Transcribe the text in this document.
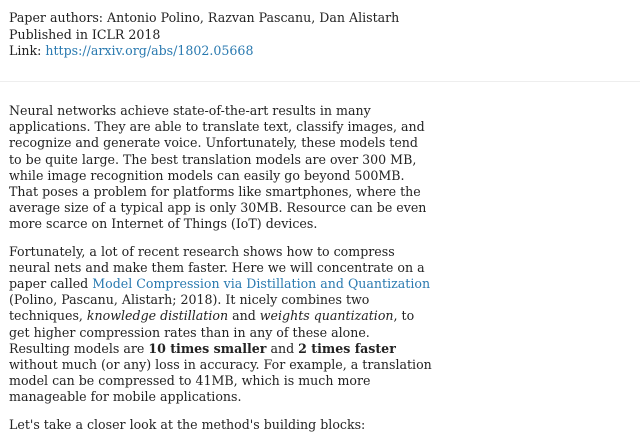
Paper authors: Antonio Polino, Razvan Pascanu, Dan Alistarh
Published in ICLR 2018
Link: https://arxiv.org/abs/1802.05668

Neural networks achieve state-of-the-art results in many applications. They are able to translate text, classify images, and recognize and generate voice. Unfortunately, these models tend to be quite large. The best translation models are over 300 MB, while image recognition models can easily go beyond 500MB. That poses a problem for platforms like smartphones, where the average size of a typical app is only 30MB. Resource can be even more scarce on Internet of Things (IoT) devices.

Fortunately, a lot of recent research shows how to compress neural nets and make them faster. Here we will concentrate on a paper called Model Compression via Distillation and Quantization (Polino, Pascanu, Alistarh; 2018). It nicely combines two techniques, knowledge distillation and weights quantization, to get higher compression rates than in any of these alone. Resulting models are 10 times smaller and 2 times faster without much (or any) loss in accuracy. For example, a translation model can be compressed to 41MB, which is much more manageable for mobile applications.

Let's take a closer look at the method's building blocks:
